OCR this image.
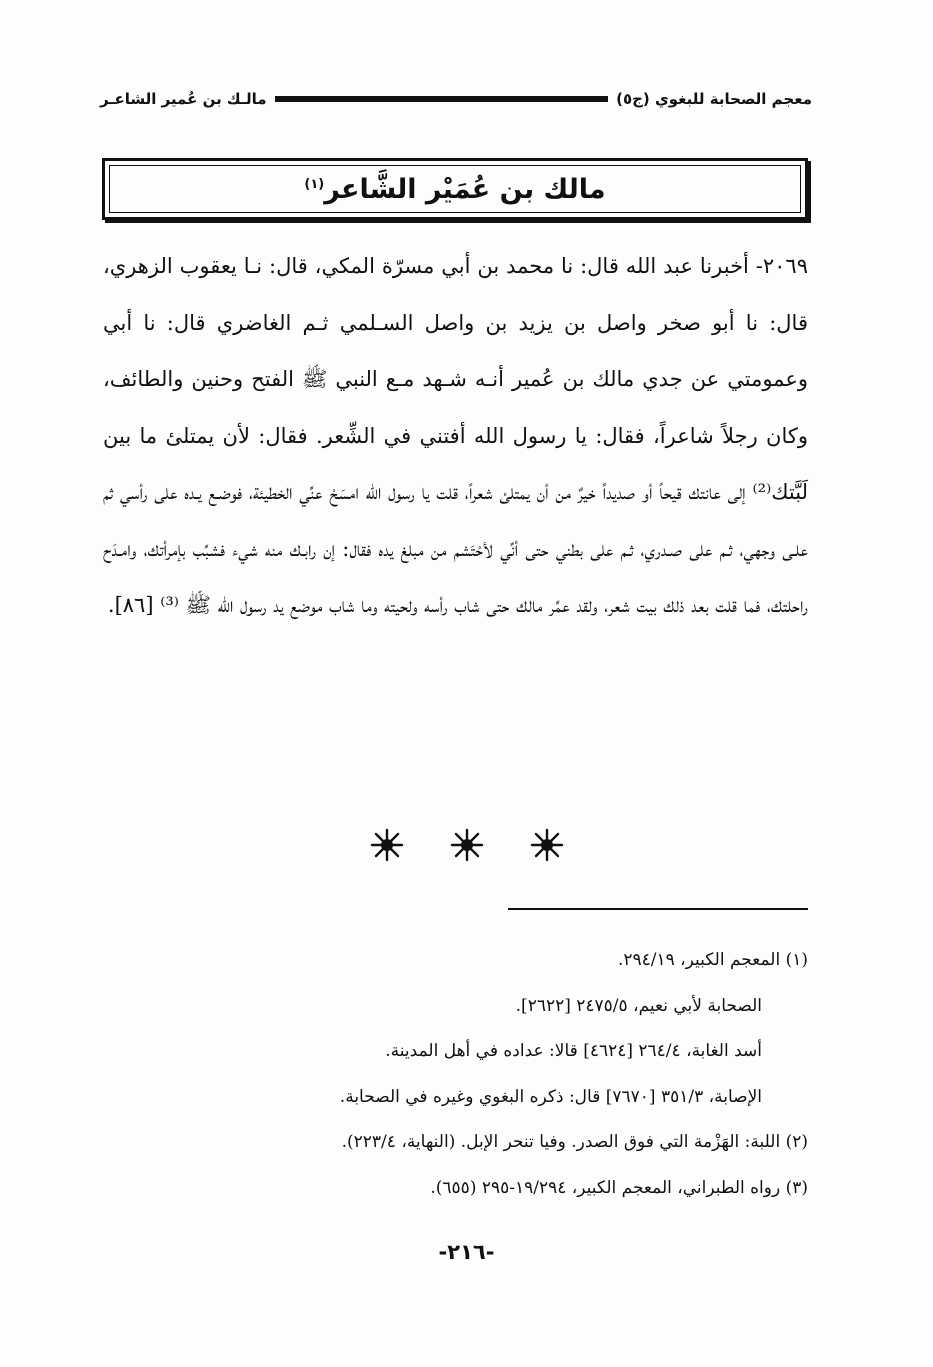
معجم الصحابة للبغوي (ج٥)
مالـك بن عُمير الشاعـر
مالك بن عُمَيْر الشَّاعر$^{(١)}$
٢٠٦٩- أخبرنا عبد الله قال: نا محمد بن أبي مسرّة المكي، قال: نـا يعقوب الزهري، قال: نا أبو صخر واصل بن يزيد بن واصل السـلمي ثـم الغاضري قال: نا أبي وعمومتي عن جدي مالك بن عُمير أنـه شـهد مـع النبي ﷺ الفتح وحنين والطائف، وكان رجلاً شاعراً، فقال: يا رسول الله أفتني في الشِّعر. فقال: لأن يمتلئ ما بين لَبَّتك⁽²⁾ إلى عانتك قيحاً أو صديداً خيرٌ من أن يمتلئ شعراً، قلت يا رسول الله امسَحْ عنِّي الخطيئة، فوضـع يـده على رأسي ثم علـى وجهي، ثـم على صـدري، ثـم على بطني حتى أنِّي لأحْتَشم من مبلغ يده فقال: إن رابـك منه شيء فشبِّب بإمرأتك، وامـدَح راحلتك، فما قلت بعد ذلك بيت شعر، ولقد عمِّر مالك حتى شاب رأسه ولحيته وما شاب موضع يد رسول الله ﷺ ⁽³⁾ [٨٦].

(١) المعجم الكبير، ٢٩٤/١٩.

الصحابة لأبي نعيم، ٢٤٧٥/٥ [٢٦٢٢].

أسد الغابة، ٢٦٤/٤ [٤٦٢٤] قالا: عداده في أهل المدينة.

الإصابة، ٣٥١/٣ [٧٦٧٠] قال: ذكره البغوي وغيره في الصحابة.

(٢) اللبة: الهَزْمة التي فوق الصدر. وفيا تنحر الإبل. (النهاية، ٢٢٣/٤).

(٣) رواه الطبراني، المعجم الكبير، ١٩/٢٩٤-٢٩٥ (٦٥٥).

-٢١٦-
